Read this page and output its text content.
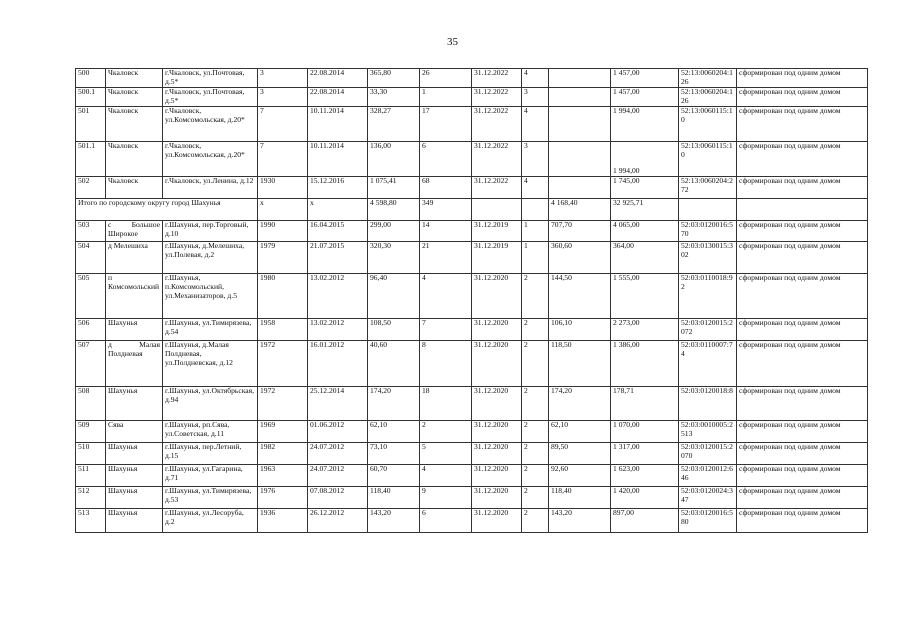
35
500	Чкаловск	г.Чкаловск, ул.Почтовая, д.5*	3	22.08.2014	365,80	26	31.12.2022	4		1 457,00	52:13:0060204:126	сформирован под одним домом
500.1	Чкаловск	г.Чкаловск, ул.Почтовая, д.5*	3	22.08.2014	33,30	1	31.12.2022	3		1 457,00	52:13:0060204:126	сформирован под одним домом
501	Чкаловск	г.Чкаловск, ул.Комсомольская, д.20*	7	10.11.2014	328,27	17	31.12.2022	4		1 994,00	52:13:0060115:10	сформирован под одним домом
501.1	Чкаловск	г.Чкаловск, ул.Комсомольская, д.20*	7	10.11.2014	136,00	6	31.12.2022	3		1 994,00	52:13:0060115:10	сформирован под одним домом
502	Чкаловск	г.Чкаловск, ул.Ленина, д.12	1930	15.12.2016	1 075,41	68	31.12.2022	4		1 745,00	52:13:0060204:272	сформирован под одним домом
Итого по городскому округу город Шахунья			х	х	4 598,80	349			4 168,40	32 925,71		
503	с Большое Широкое	г.Шахунья, пер.Торговый, д.10	1990	16.04.2015	299,00	14	31.12.2019	1	707,70	4 065,00	52:03:0120016:570	сформирован под одним домом
504	д Мелешиха	г.Шахунья, д.Мелешиха, ул.Полевая, д.2	1979	21.07.2015	320,30	21	31.12.2019	1	360,60	364,00	52:03:0130015:302	сформирован под одним домом
505	п Комсомольский	г.Шахунья, п.Комсомольский, ул.Механизаторов, д.5	1980	13.02.2012	96,40	4	31.12.2020	2	144,50	1 555,00	52:03:0110018:92	сформирован под одним домом
506	Шахунья	г.Шахунья, ул.Тимирязева, д.54	1958	13.02.2012	108,50	7	31.12.2020	2	106,10	2 273,00	52:03:0120015:2072	сформирован под одним домом
507	д Малая Полдневая	г.Шахунья, д.Малая Полдневая, ул.Полдневская, д.12	1972	16.01.2012	40,60	8	31.12.2020	2	118,50	1 386,00	52:03:0110007:74	сформирован под одним домом
508	Шахунья	г.Шахунья, ул.Октябрьская, д.94	1972	25.12.2014	174,20	18	31.12.2020	2	174,20	178,71	52:03:0120018:8	сформирован под одним домом
509	Сява	г.Шахунья, рп.Сява, ул.Советская, д.11	1969	01.06.2012	62,10	2	31.12.2020	2	62,10	1 070,00	52:03:0010005:2513	сформирован под одним домом
510	Шахунья	г.Шахунья, пер.Летний, д.15	1982	24.07.2012	73,10	5	31.12.2020	2	89,50	1 317,00	52:03:0120015:2070	сформирован под одним домом
511	Шахунья	г.Шахунья, ул.Гагарина, д.71	1963	24.07.2012	60,70	4	31.12.2020	2	92,60	1 623,00	52:03:0120012:646	сформирован под одним домом
512	Шахунья	г.Шахунья, ул.Тимирязева, д.53	1976	07.08.2012	118,40	9	31.12.2020	2	118,40	1 420,00	52:03:0120024:347	сформирован под одним домом
513	Шахунья	г.Шахунья, ул.Лесоруба, д.2	1936	26.12.2012	143,20	6	31.12.2020	2	143,20	897,00	52:03:0120016:580	сформирован под одним домом
